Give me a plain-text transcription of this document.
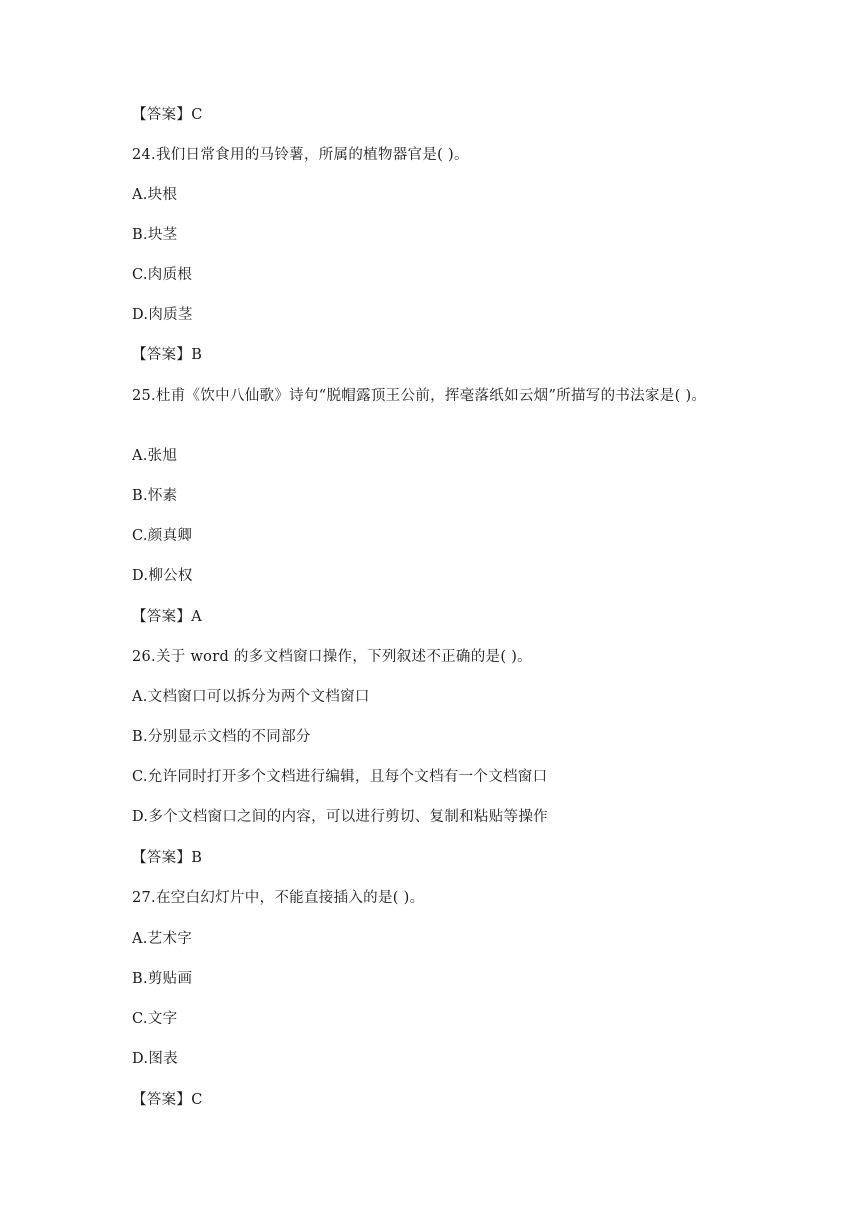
【答案】C
24.我们日常食用的马铃薯，所属的植物器官是( )。
A.块根
B.块茎
C.肉质根
D.肉质茎
【答案】B
25.杜甫《饮中八仙歌》诗句“脱帽露顶王公前，挥毫落纸如云烟”所描写的书法家是( )。
A.张旭
B.怀素
C.颜真卿
D.柳公权
【答案】A
26.关于 word 的多文档窗口操作，下列叙述不正确的是( )。
A.文档窗口可以拆分为两个文档窗口
B.分别显示文档的不同部分
C.允许同时打开多个文档进行编辑，且每个文档有一个文档窗口
D.多个文档窗口之间的内容，可以进行剪切、复制和粘贴等操作
【答案】B
27.在空白幻灯片中，不能直接插入的是( )。
A.艺术字
B.剪贴画
C.文字
D.图表
【答案】C
